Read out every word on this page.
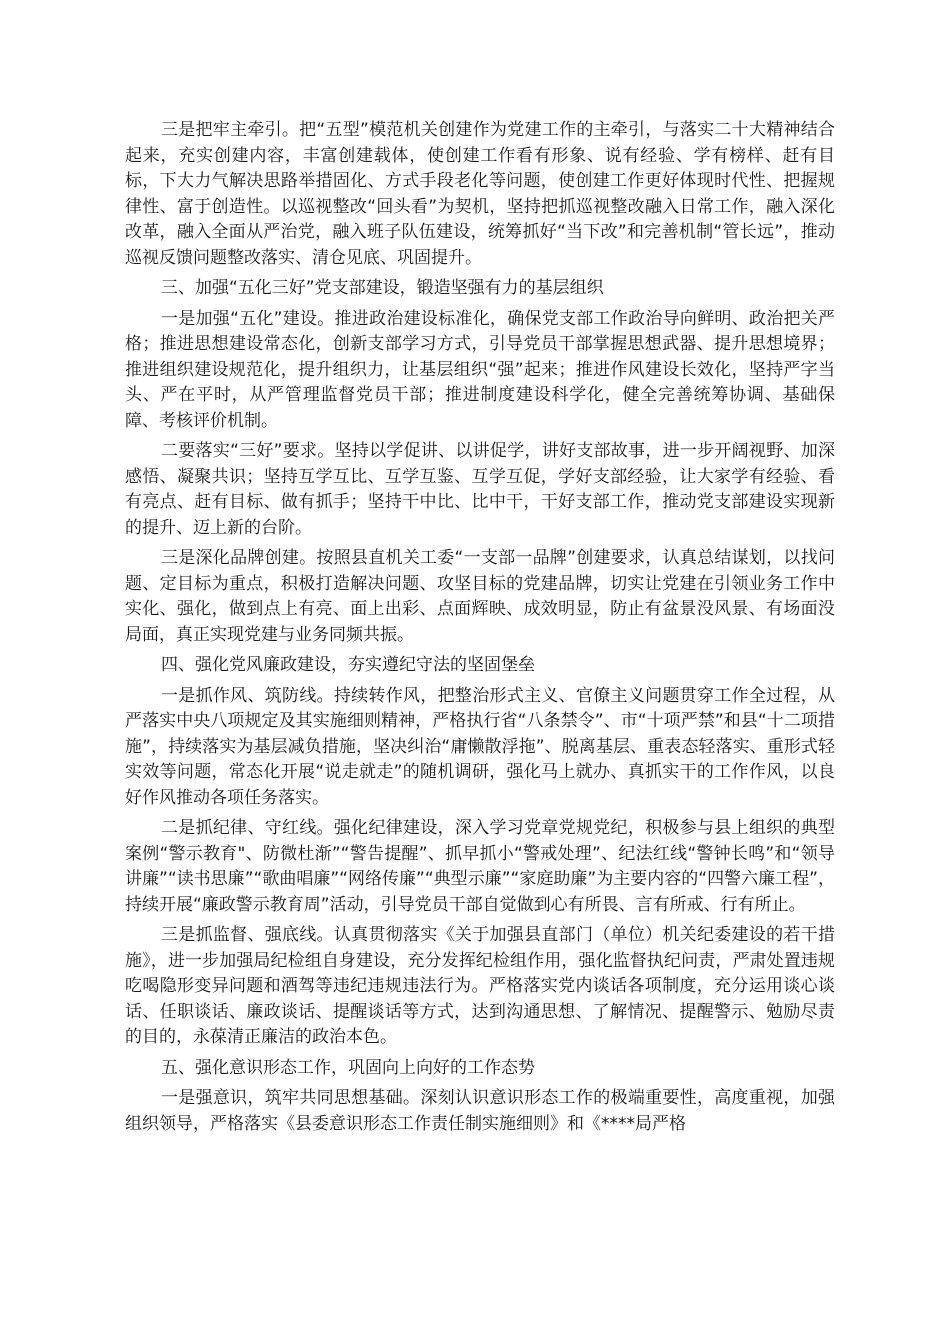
三是把牢主牵引。把“五型”模范机关创建作为党建工作的主牵引，与落实二十大精神结合起来，充实创建内容，丰富创建载体，使创建工作看有形象、说有经验、学有榜样、赶有目标，下大力气解决思路举措固化、方式手段老化等问题，使创建工作更好体现时代性、把握规律性、富于创造性。以巡视整改“回头看”为契机，坚持把抓巡视整改融入日常工作，融入深化改革，融入全面从严治党，融入班子队伍建设，统筹抓好“当下改”和完善机制“管长远”，推动巡视反馈问题整改落实、清仓见底、巩固提升。

三、加强“五化三好”党支部建设，锻造坚强有力的基层组织

一是加强“五化”建设。推进政治建设标准化，确保党支部工作政治导向鲜明、政治把关严格；推进思想建设常态化，创新支部学习方式，引导党员干部掌握思想武器、提升思想境界；推进组织建设规范化，提升组织力，让基层组织“强”起来；推进作风建设长效化，坚持严字当头、严在平时，从严管理监督党员干部；推进制度建设科学化，健全完善统筹协调、基础保障、考核评价机制。

二要落实“三好”要求。坚持以学促讲、以讲促学，讲好支部故事，进一步开阔视野、加深感悟、凝聚共识；坚持互学互比、互学互鉴、互学互促，学好支部经验，让大家学有经验、看有亮点、赶有目标、做有抓手；坚持干中比、比中干，干好支部工作，推动党支部建设实现新的提升、迈上新的台阶。

三是深化品牌创建。按照县直机关工委“一支部一品牌”创建要求，认真总结谋划，以找问题、定目标为重点，积极打造解决问题、攻坚目标的党建品牌，切实让党建在引领业务工作中实化、强化，做到点上有亮、面上出彩、点面辉映、成效明显，防止有盆景没风景、有场面没局面，真正实现党建与业务同频共振。

四、强化党风廉政建设，夯实遵纪守法的坚固堡垒

一是抓作风、筑防线。持续转作风，把整治形式主义、官僚主义问题贯穿工作全过程，从严落实中央八项规定及其实施细则精神，严格执行省“八条禁令”、市“十项严禁”和县“十二项措施”，持续落实为基层减负措施，坚决纠治“庸懒散浮拖”、脱离基层、重表态轻落实、重形式轻实效等问题，常态化开展“说走就走”的随机调研，强化马上就办、真抓实干的工作作风，以良好作风推动各项任务落实。

二是抓纪律、守红线。强化纪律建设，深入学习党章党规党纪，积极参与县上组织的典型案例“警示教育"、防微杜渐”“警告提醒”、抓早抓小“警戒处理”、纪法红线“警钟长鸣”和“领导讲廉”“读书思廉”“歌曲唱廉”“网络传廉”“典型示廉”“家庭助廉”为主要内容的“四警六廉工程”，持续开展“廉政警示教育周”活动，引导党员干部自觉做到心有所畏、言有所戒、行有所止。

三是抓监督、强底线。认真贯彻落实《关于加强县直部门（单位）机关纪委建设的若干措施》，进一步加强局纪检组自身建设，充分发挥纪检组作用，强化监督执纪问责，严肃处置违规吃喝隐形变异问题和酒驾等违纪违规违法行为。严格落实党内谈话各项制度，充分运用谈心谈话、任职谈话、廉政谈话、提醒谈话等方式，达到沟通思想、了解情况、提醒警示、勉励尽责的目的，永葆清正廉洁的政治本色。

五、强化意识形态工作，巩固向上向好的工作态势

一是强意识，筑牢共同思想基础。深刻认识意识形态工作的极端重要性，高度重视，加强组织领导，严格落实《县委意识形态工作责任制实施细则》和《****局严格
